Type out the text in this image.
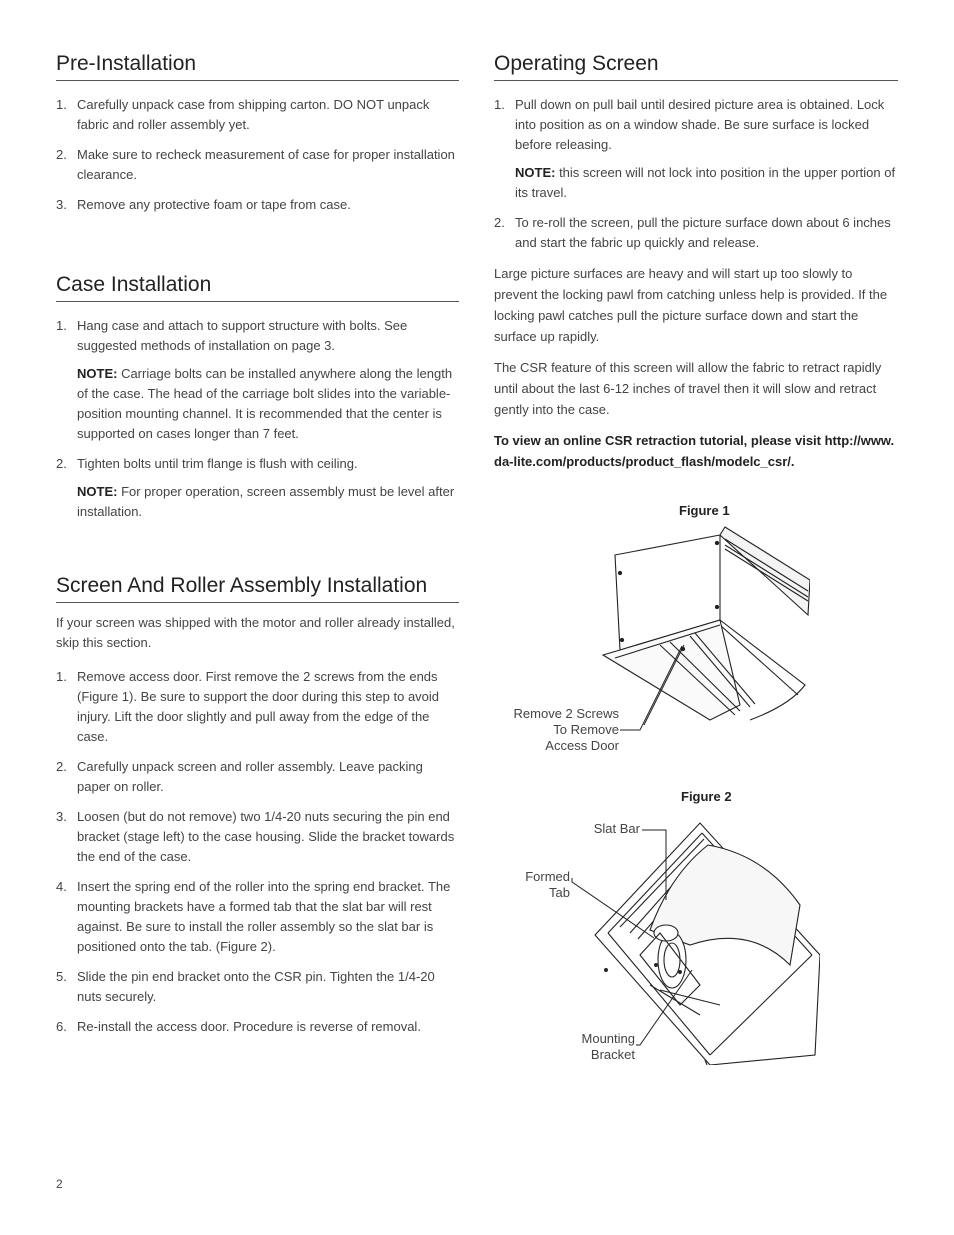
Pre-Installation
1. Carefully unpack case from shipping carton. DO NOT unpack fabric and roller assembly yet.
2. Make sure to recheck measurement of case for proper installation clearance.
3. Remove any protective foam or tape from case.
Case Installation
1. Hang case and attach to support structure with bolts. See suggested methods of installation on page 3.
NOTE: Carriage bolts can be installed anywhere along the length of the case. The head of the carriage bolt slides into the variable-position mounting channel. It is recommended that the center is supported on cases longer than 7 feet.
2. Tighten bolts until trim flange is flush with ceiling.
NOTE: For proper operation, screen assembly must be level after installation.
Screen And Roller Assembly Installation

If your screen was shipped with the motor and roller already installed, skip this section.

1. Remove access door. First remove the 2 screws from the ends (Figure 1). Be sure to support the door during this step to avoid injury. Lift the door slightly and pull away from the edge of the case.
2. Carefully unpack screen and roller assembly. Leave packing paper on roller.
3. Loosen (but do not remove) two 1/4-20 nuts securing the pin end bracket (stage left) to the case housing. Slide the bracket towards the end of the case.
4. Insert the spring end of the roller into the spring end bracket. The mounting brackets have a formed tab that the slat bar will rest against. Be sure to install the roller assembly so the slat bar is positioned onto the tab. (Figure 2).
5. Slide the pin end bracket onto the CSR pin. Tighten the 1/4-20 nuts securely.
6. Re-install the access door. Procedure is reverse of removal.
Operating Screen
1. Pull down on pull bail until desired picture area is obtained. Lock into position as on a window shade. Be sure surface is locked before releasing.
NOTE: this screen will not lock into position in the upper portion of its travel.
2. To re-roll the screen, pull the picture surface down about 6 inches and start the fabric up quickly and release.

Large picture surfaces are heavy and will start up too slowly to prevent the locking pawl from catching unless help is provided. If the locking pawl catches pull the picture surface down and start the surface up rapidly.

The CSR feature of this screen will allow the fabric to retract rapidly until about the last 6-12 inches of travel then it will slow and retract gently into the case.

To view an online CSR retraction tutorial, please visit http://www.da-lite.com/products/product_flash/modelc_csr/.

Figure 1
Remove 2 Screws
To Remove
Access Door
Figure 2
Slat Bar
Formed
Tab
Mounting
Bracket
2
